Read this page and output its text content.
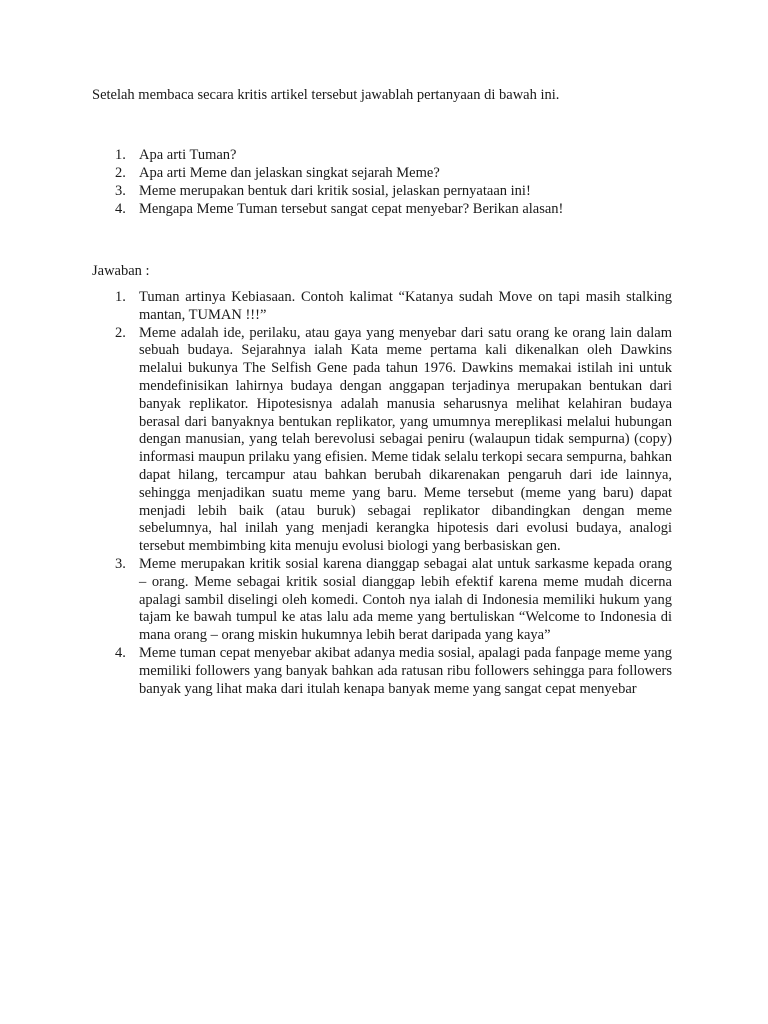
Setelah membaca secara kritis artikel tersebut jawablah pertanyaan di bawah ini.

1. Apa arti Tuman?
2. Apa arti Meme dan jelaskan singkat sejarah Meme?
3. Meme merupakan bentuk dari kritik sosial, jelaskan pernyataan ini!
4. Mengapa Meme Tuman tersebut sangat cepat menyebar? Berikan alasan!

Jawaban :

1. Tuman artinya Kebiasaan. Contoh kalimat “Katanya sudah Move on tapi masih stalking mantan, TUMAN !!!”
2. Meme adalah ide, perilaku, atau gaya yang menyebar dari satu orang ke orang lain dalam sebuah budaya. Sejarahnya ialah Kata meme pertama kali dikenalkan oleh Dawkins melalui bukunya The Selfish Gene pada tahun 1976. Dawkins memakai istilah ini untuk mendefinisikan lahirnya budaya dengan anggapan terjadinya merupakan bentukan dari banyak replikator. Hipotesisnya adalah manusia seharusnya melihat kelahiran budaya berasal dari banyaknya bentukan replikator, yang umumnya mereplikasi melalui hubungan dengan manusian, yang telah berevolusi sebagai peniru (walaupun tidak sempurna) (copy) informasi maupun prilaku yang efisien. Meme tidak selalu terkopi secara sempurna, bahkan dapat hilang, tercampur atau bahkan berubah dikarenakan pengaruh dari ide lainnya, sehingga menjadikan suatu meme yang baru. Meme tersebut (meme yang baru) dapat menjadi lebih baik (atau buruk) sebagai replikator dibandingkan dengan meme sebelumnya, hal inilah yang menjadi kerangka hipotesis dari evolusi budaya, analogi tersebut membimbing kita menuju evolusi biologi yang berbasiskan gen.
3. Meme merupakan kritik sosial karena dianggap sebagai alat untuk sarkasme kepada orang – orang. Meme sebagai kritik sosial dianggap lebih efektif karena meme mudah dicerna apalagi sambil diselingi oleh komedi. Contoh nya ialah di Indonesia memiliki hukum yang tajam ke bawah tumpul ke atas lalu ada meme yang bertuliskan “Welcome to Indonesia di mana orang – orang miskin hukumnya lebih berat daripada yang kaya”
4. Meme tuman cepat menyebar akibat adanya media sosial, apalagi pada fanpage meme yang memiliki followers yang banyak bahkan ada ratusan ribu followers sehingga para followers banyak yang lihat maka dari itulah kenapa banyak meme yang sangat cepat menyebar
